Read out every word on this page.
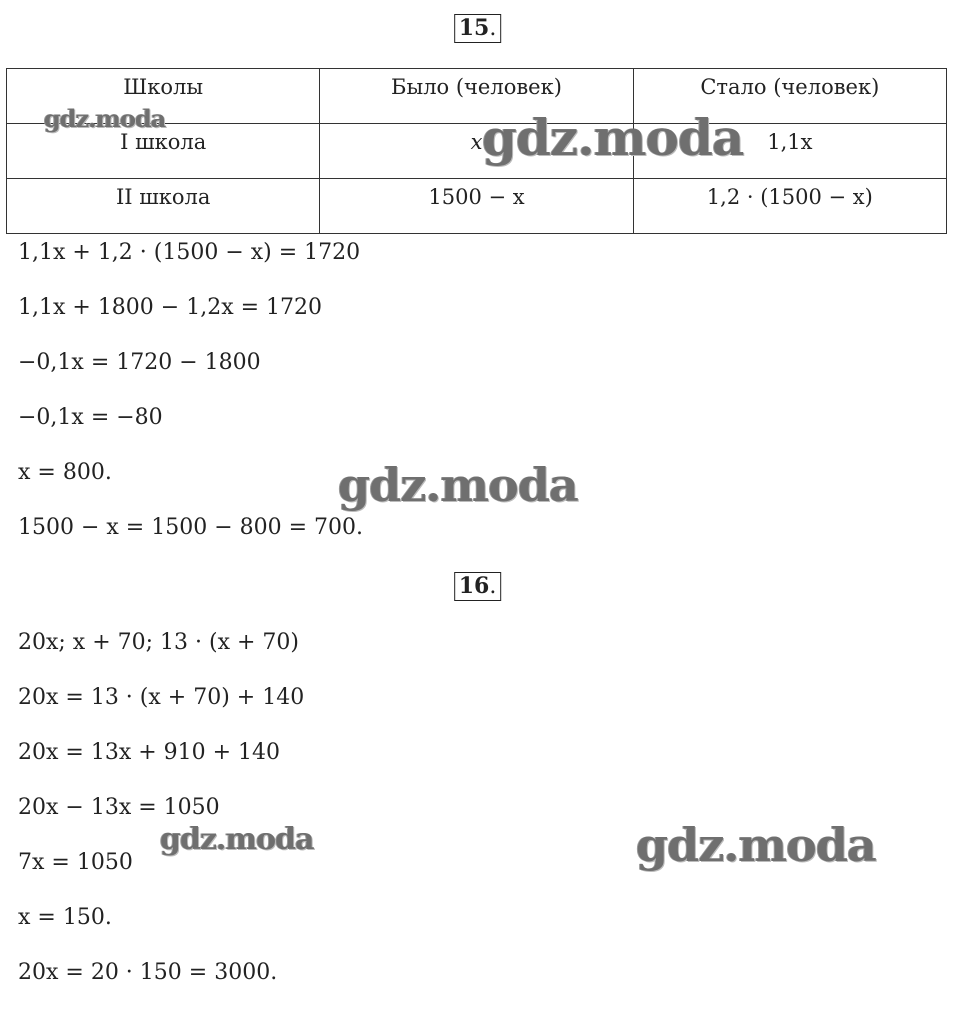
15.
Школы	Было (человек)	Стало (человек)
I школа	x	1,1x
II школа	1500 − x	1,2 · (1500 − x)
1,1x + 1,2 · (1500 − x) = 1720
1,1x + 1800 − 1,2x = 1720
−0,1x = 1720 − 1800
−0,1x = −80
x = 800.
1500 − x = 1500 − 800 = 700.
16.
20x; x + 70; 13 · (x + 70)
20x = 13 · (x + 70) + 140
20x = 13x + 910 + 140
20x − 13x = 1050
7x = 1050
x = 150.
20x = 20 · 150 = 3000.
gdz.moda	gdz.moda
gdz.moda
gdz.moda	gdz.moda
